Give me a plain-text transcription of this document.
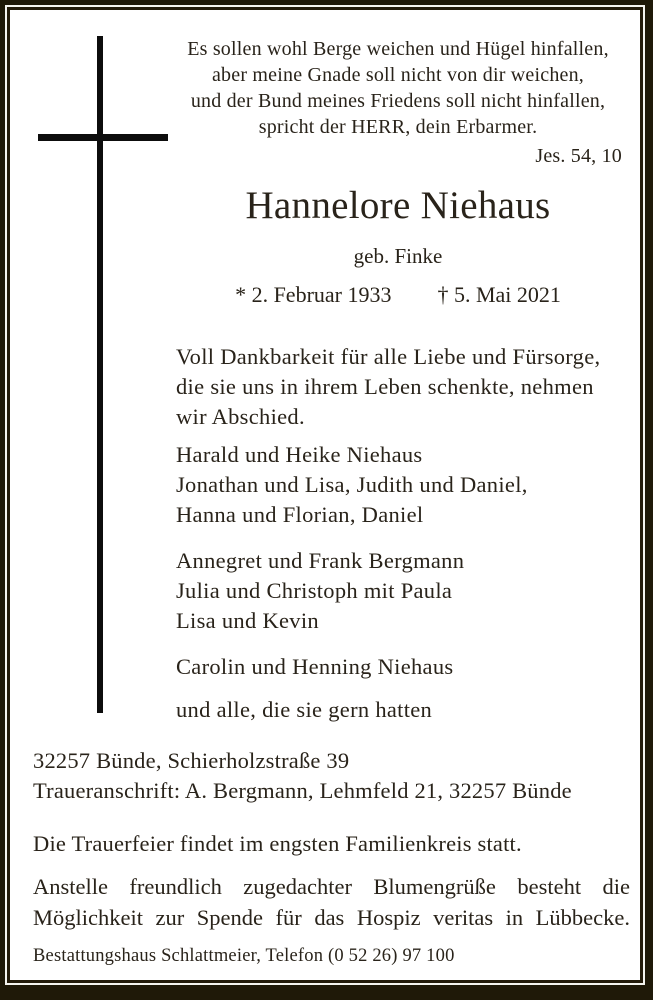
Es sollen wohl Berge weichen und Hügel hinfallen,
aber meine Gnade soll nicht von dir weichen,
und der Bund meines Friedens soll nicht hinfallen,
spricht der HERR, dein Erbarmer.
Jes. 54, 10
Hannelore Niehaus
geb. Finke
* 2. Februar 1933 † 5. Mai 2021
Voll Dankbarkeit für alle Liebe und Fürsorge,
die sie uns in ihrem Leben schenkte, nehmen
wir Abschied.
Harald und Heike Niehaus
Jonathan und Lisa, Judith und Daniel,
Hanna und Florian, Daniel
Annegret und Frank Bergmann
Julia und Christoph mit Paula
Lisa und Kevin
Carolin und Henning Niehaus
und alle, die sie gern hatten
32257 Bünde, Schierholzstraße 39
Traueranschrift: A. Bergmann, Lehmfeld 21, 32257 Bünde
Die Trauerfeier findet im engsten Familienkreis statt.
Anstelle freundlich zugedachter Blumengrüße besteht die
Möglichkeit zur Spende für das Hospiz veritas in Lübbecke.
Bestattungshaus Schlattmeier, Telefon (0 52 26) 97 100
